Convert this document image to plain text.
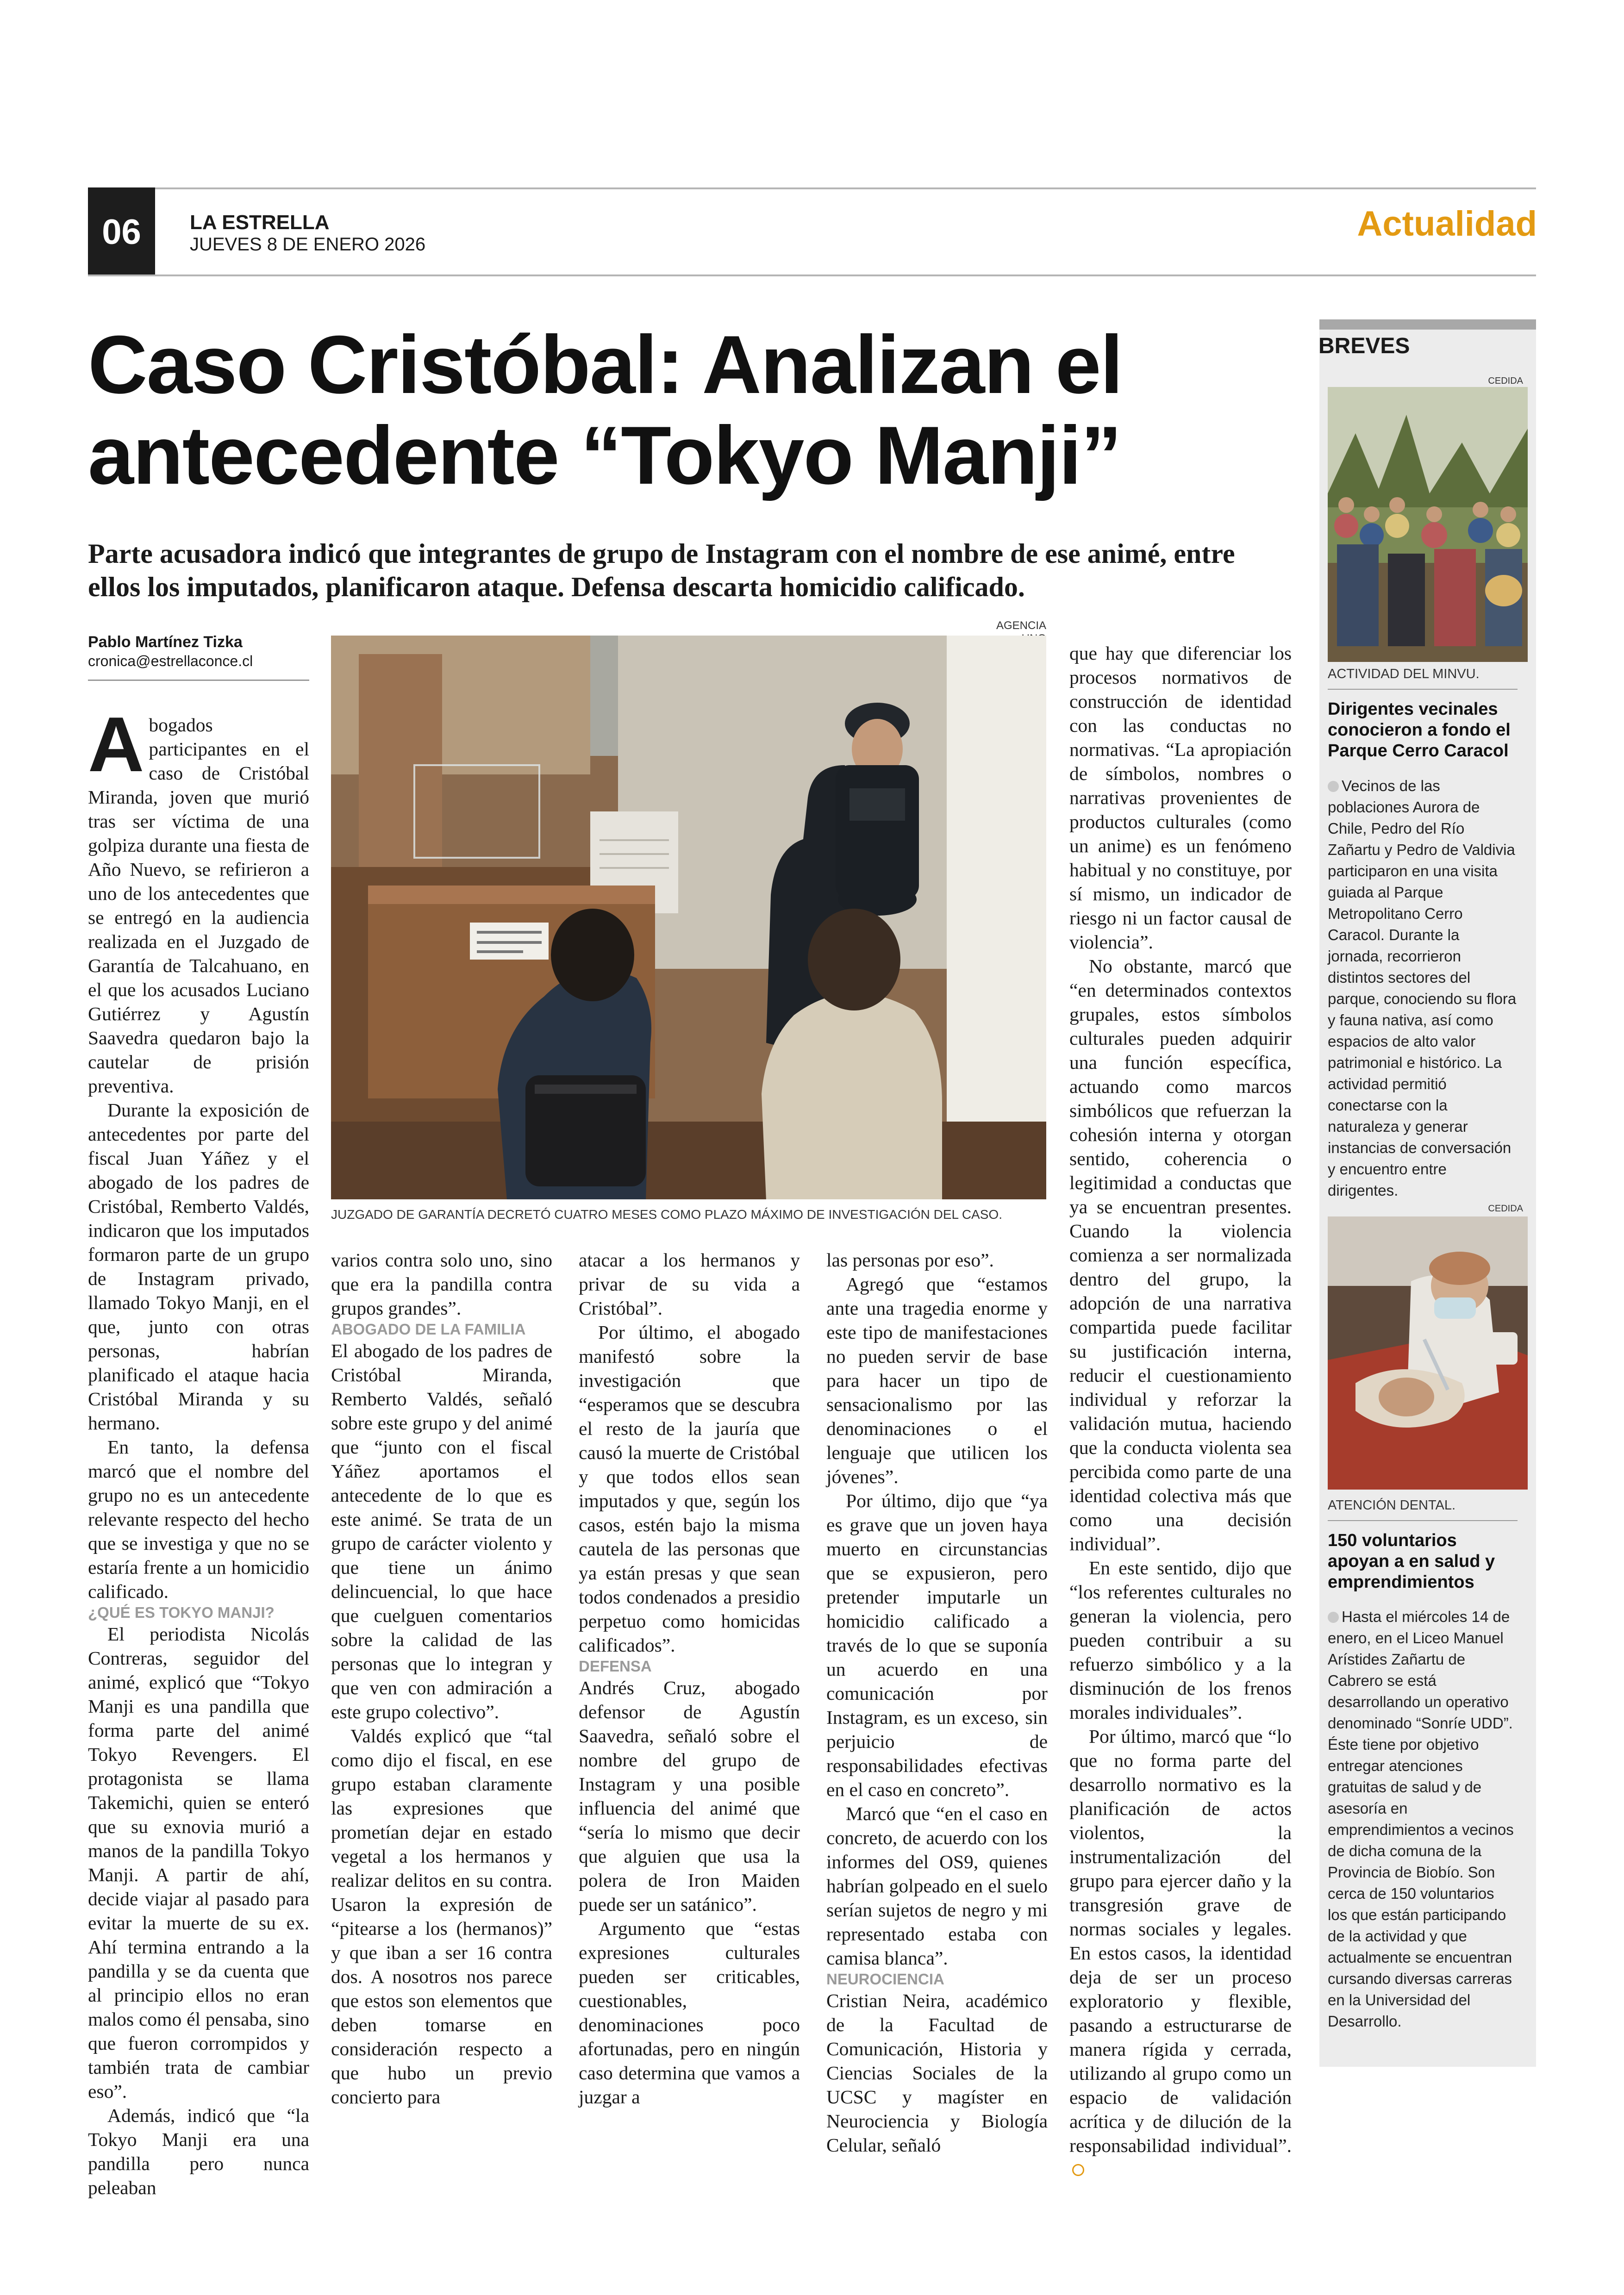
06	LA ESTRELLA
JUEVES 8 DE ENERO 2026
Actualidad
Caso Cristóbal: Analizan el antecedente “Tokyo Manji”

Parte acusadora indicó que integrantes de grupo de Instagram con el nombre de ese animé, entre ellos los imputados, planificaron ataque. Defensa descarta homicidio calificado.

Pablo Martínez Tizka
cronica@estrellaconce.cl

Abogados participantes en el caso de Cristóbal Miranda, joven que murió tras ser víctima de una golpiza durante una fiesta de Año Nuevo, se refirieron a uno de los antecedentes que se entregó en la audiencia realizada en el Juzgado de Garantía de Talcahuano, en el que los acusados Luciano Gutiérrez y Agustín Saavedra quedaron bajo la cautelar de prisión preventiva.

Durante la exposición de antecedentes por parte del fiscal Juan Yáñez y el abogado de los padres de Cristóbal, Remberto Valdés, indicaron que los imputados formaron parte de un grupo de Instagram privado, llamado Tokyo Manji, en el que, junto con otras personas, habrían planificado el ataque hacia Cristóbal Miranda y su hermano.

En tanto, la defensa marcó que el nombre del grupo no es un antecedente relevante respecto del hecho que se investiga y que no se estaría frente a un homicidio calificado.

¿QUÉ ES TOKYO MANJI?

El periodista Nicolás Contreras, seguidor del animé, explicó que “Tokyo Manji es una pandilla que forma parte del animé Tokyo Revengers. El protagonista se llama Takemichi, quien se enteró que su exnovia murió a manos de la pandilla Tokyo Manji. A partir de ahí, decide viajar al pasado para evitar la muerte de su ex. Ahí termina entrando a la pandilla y se da cuenta que al principio ellos no eran malos como él pensaba, sino que fueron corrompidos y también trata de cambiar eso”.

Además, indicó que “la Tokyo Manji era una pandilla pero nunca peleaban

AGENCIA
JUZGADO DE GARANTÍA DECRETÓ CUATRO MESES COMO PLAZO MÁXIMO DE INVESTIGACIÓN DEL CASO.

varios contra solo uno, sino que era la pandilla contra grupos grandes”.

ABOGADO DE LA FAMILIA

El abogado de los padres de Cristóbal Miranda, Remberto Valdés, señaló sobre este grupo y del animé que “junto con el fiscal Yáñez aportamos el antecedente de lo que es este animé. Se trata de un grupo de carácter violento y que tiene un ánimo delincuencial, lo que hace que cuelguen comentarios sobre la calidad de las personas que lo integran y que ven con admiración a este grupo colectivo”.

Valdés explicó que “tal como dijo el fiscal, en ese grupo estaban claramente las expresiones que prometían dejar en estado vegetal a los hermanos y realizar delitos en su contra. Usaron la expresión de “pitearse a los (hermanos)” y que iban a ser 16 contra dos. A nosotros nos parece que estos son elementos que deben tomarse en consideración respecto a que hubo un previo concierto para

atacar a los hermanos y privar de su vida a Cristóbal”.

Por último, el abogado manifestó sobre la investigación que “esperamos que se descubra el resto de la jauría que causó la muerte de Cristóbal y que todos ellos sean imputados y que, según los casos, estén bajo la misma cautela de las personas que ya están presas y que sean todos condenados a presidio perpetuo como homicidas calificados”.

DEFENSA

Andrés Cruz, abogado defensor de Agustín Saavedra, señaló sobre el nombre del grupo de Instagram y una posible influencia del animé que “sería lo mismo que decir que alguien que usa la polera de Iron Maiden puede ser un satánico”.

Argumento que “estas expresiones culturales pueden ser criticables, cuestionables, denominaciones poco afortunadas, pero en ningún caso determina que vamos a juzgar a

las personas por eso”.

Agregó que “estamos ante una tragedia enorme y este tipo de manifestaciones no pueden servir de base para hacer un tipo de sensacionalismo por las denominaciones o el lenguaje que utilicen los jóvenes”.

Por último, dijo que “ya es grave que un joven haya muerto en circunstancias que se expusieron, pero pretender imputarle un homicidio calificado a través de lo que se suponía un acuerdo en una comunicación por Instagram, es un exceso, sin perjuicio de responsabilidades efectivas en el caso en concreto”.

Marcó que “en el caso en concreto, de acuerdo con los informes del OS9, quienes habrían golpeado en el suelo serían sujetos de negro y mi representado estaba con camisa blanca”.

NEUROCIENCIA

Cristian Neira, académico de la Facultad de Comunicación, Historia y Ciencias Sociales de la UCSC y magíster en Neurociencia y Biología Celular, señaló

que hay que diferenciar los procesos normativos de construcción de identidad con las conductas no normativas. “La apropiación de símbolos, nombres o narrativas provenientes de productos culturales (como un anime) es un fenómeno habitual y no constituye, por sí mismo, un indicador de riesgo ni un factor causal de violencia”.

No obstante, marcó que “en determinados contextos grupales, estos símbolos culturales pueden adquirir una función específica, actuando como marcos simbólicos que refuerzan la cohesión interna y otorgan sentido, coherencia o legitimidad a conductas que ya se encuentran presentes. Cuando la violencia comienza a ser normalizada dentro del grupo, la adopción de una narrativa compartida puede facilitar su justificación interna, reducir el cuestionamiento individual y reforzar la validación mutua, haciendo que la conducta violenta sea percibida como parte de una identidad colectiva más que como una decisión individual”.

En este sentido, dijo que “los referentes culturales no generan la violencia, pero pueden contribuir a su refuerzo simbólico y a la disminución de los frenos morales individuales”.

Por último, marcó que “lo que no forma parte del desarrollo normativo es la planificación de actos violentos, la instrumentalización del grupo para ejercer daño y la transgresión grave de normas sociales y legales. En estos casos, la identidad deja de ser un proceso exploratorio y flexible, pasando a estructurarse de manera rígida y cerrada, utilizando al grupo como un espacio de validación acrítica y de dilución de la responsabilidad individual”.

BREVES
CEDIDA
ACTIVIDAD DEL MINVU.
Dirigentes vecinales conocieron a fondo el Parque Cerro Caracol
Vecinos de las poblaciones Aurora de Chile, Pedro del Río Zañartu y Pedro de Valdivia participaron en una visita guiada al Parque Metropolitano Cerro Caracol. Durante la jornada, recorrieron distintos sectores del parque, conociendo su flora y fauna nativa, así como espacios de alto valor patrimonial e histórico. La actividad permitió conectarse con la naturaleza y generar instancias de conversación y encuentro entre dirigentes.
CEDIDA
ATENCIÓN DENTAL.
150 voluntarios apoyan a en salud y emprendimientos
Hasta el miércoles 14 de enero, en el Liceo Manuel Arístides Zañartu de Cabrero se está desarrollando un operativo denominado “Sonríe UDD”. Éste tiene por objetivo entregar atenciones gratuitas de salud y de asesoría en emprendimientos a vecinos de dicha comuna de la Provincia de Biobío. Son cerca de 150 voluntarios los que están participando de la actividad y que actualmente se encuentran cursando diversas carreras en la Universidad del Desarrollo.
